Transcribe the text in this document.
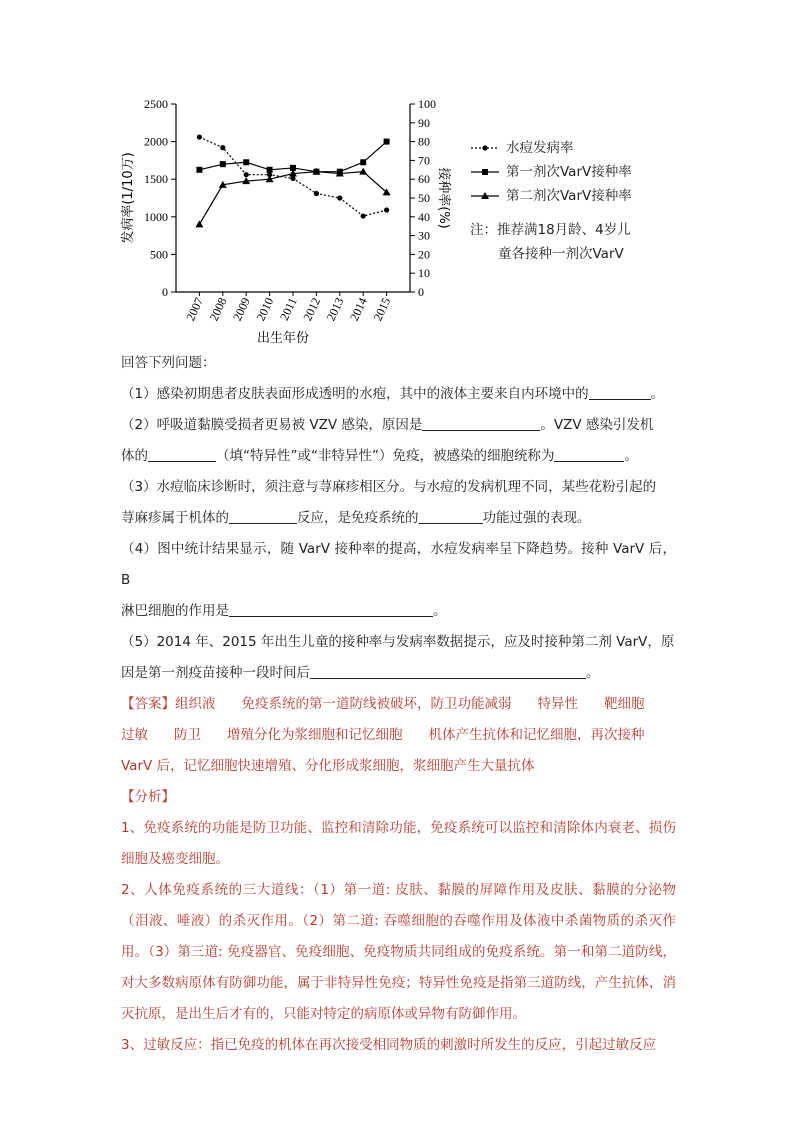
0
500
1000
1500
2000
2500
0
10
20
30
40
50
60
70
80
90
100
2007 2008 2009 2010 2011 2012 2013 2014 2015
出生年份
发病率(1/10万)	接种率(%)
水痘发病率
第一剂次VarV接种率
第二剂次VarV接种率
注：推荐满18月龄、4岁儿
童各接种一剂次VarV

回答下列问题：

（1）感染初期患者皮肤表面形成透明的水疱，其中的液体主要来自内环境中的	。

（2）呼吸道黏膜受损者更易被 VZV 感染，原因是	。VZV 感染引发机
体的	（填“特异性”或“非特异性”）免疫，被感染的细胞统称为	。

（3）水痘临床诊断时，须注意与荨麻疹相区分。与水痘的发病机理不同，某些花粉引起的
荨麻疹属于机体的	反应，是免疫系统的	功能过强的表现。

（4）图中统计结果显示，随 VarV 接种率的提高，水痘发病率呈下降趋势。接种 VarV 后，B
淋巴细胞的作用是	。

（5）2014 年、2015 年出生儿童的接种率与发病率数据提示，应及时接种第二剂 VarV，原
因是第一剂疫苗接种一段时间后	。

【答案】组织液 免疫系统的第一道防线被破坏，防卫功能减弱 特异性 靶细胞
过敏 防卫 增殖分化为浆细胞和记忆细胞 机体产生抗体和记忆细胞，再次接种
VarV 后，记忆细胞快速增殖、分化形成浆细胞，浆细胞产生大量抗体

【分析】

1、免疫系统的功能是防卫功能、监控和清除功能，免疫系统可以监控和清除体内衰老、损伤细胞及癌变细胞。

2、人体免疫系统的三大道线：（1）第一道: 皮肤、黏膜的屏障作用及皮肤、黏膜的分泌物（泪液、唾液）的杀灭作用。（2）第二道: 吞噬细胞的吞噬作用及体液中杀菌物质的杀灭作用。（3）第三道: 免疫器官、免疫细胞、免疫物质共同组成的免疫系统。第一和第二道防线，对大多数病原体有防御功能，属于非特异性免疫；特异性免疫是指第三道防线，产生抗体，消灭抗原，是出生后才有的，只能对特定的病原体或异物有防御作用。

3、过敏反应：指已免疫的机体在再次接受相同物质的刺激时所发生的反应，引起过敏反应
